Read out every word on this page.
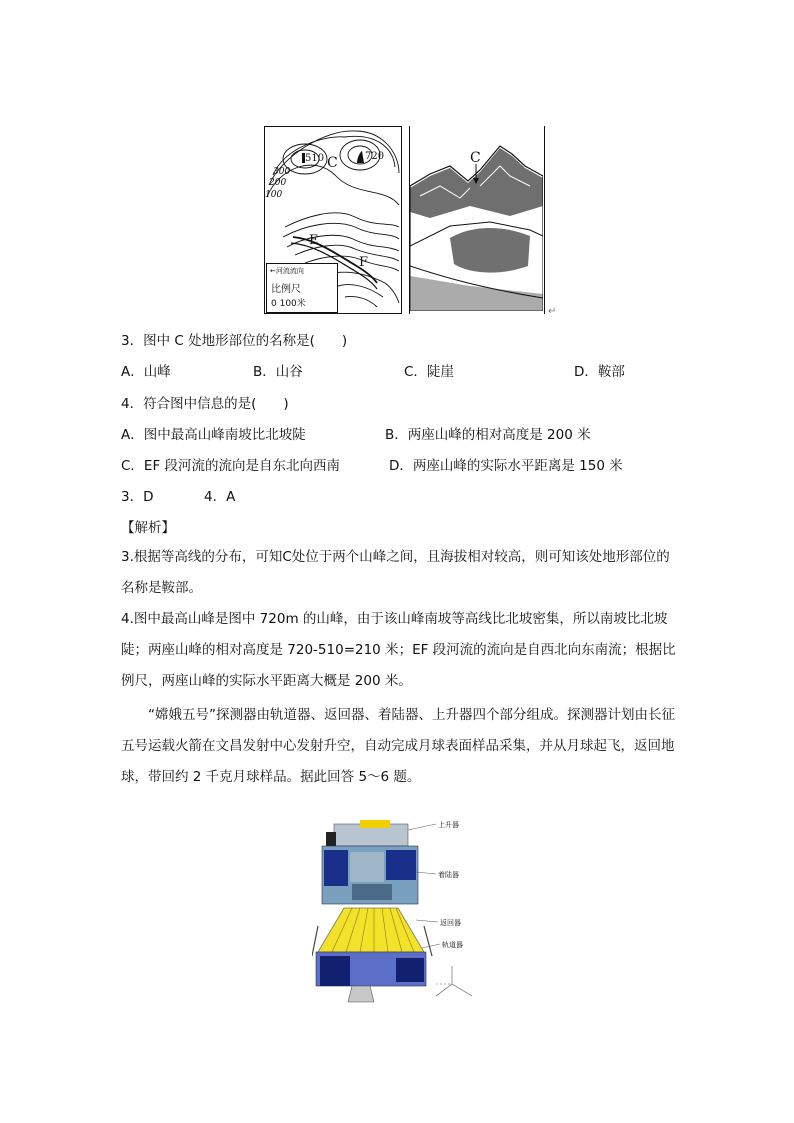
510	720
C
300
200
100
E
F
←河流流向
比例尺
0 100米
C
↵
3．图中 C 处地形部位的名称是(　　)
A．山峰	B．山谷	C．陡崖	D．鞍部
4．符合图中信息的是(　　)
A．图中最高山峰南坡比北坡陡	B．两座山峰的相对高度是 200 米
C．EF 段河流的流向是自东北向西南	D．两座山峰的实际水平距离是 150 米
3．D	4．A
【解析】
3.根据等高线的分布，可知C处位于两个山峰之间，且海拔相对较高，则可知该处地形部位的名称是鞍部。
4.图中最高山峰是图中 720m 的山峰，由于该山峰南坡等高线比北坡密集，所以南坡比北坡陡；两座山峰的相对高度是 720-510=210 米；EF 段河流的流向是自西北向东南流；根据比例尺，两座山峰的实际水平距离大概是 200 米。
“嫦娥五号”探测器由轨道器、返回器、着陆器、上升器四个部分组成。探测器计划由长征五号运载火箭在文昌发射中心发射升空，自动完成月球表面样品采集，并从月球起飞，返回地球，带回约 2 千克月球样品。据此回答 5～6 题。
上升器
着陆器
返回器
轨道器
